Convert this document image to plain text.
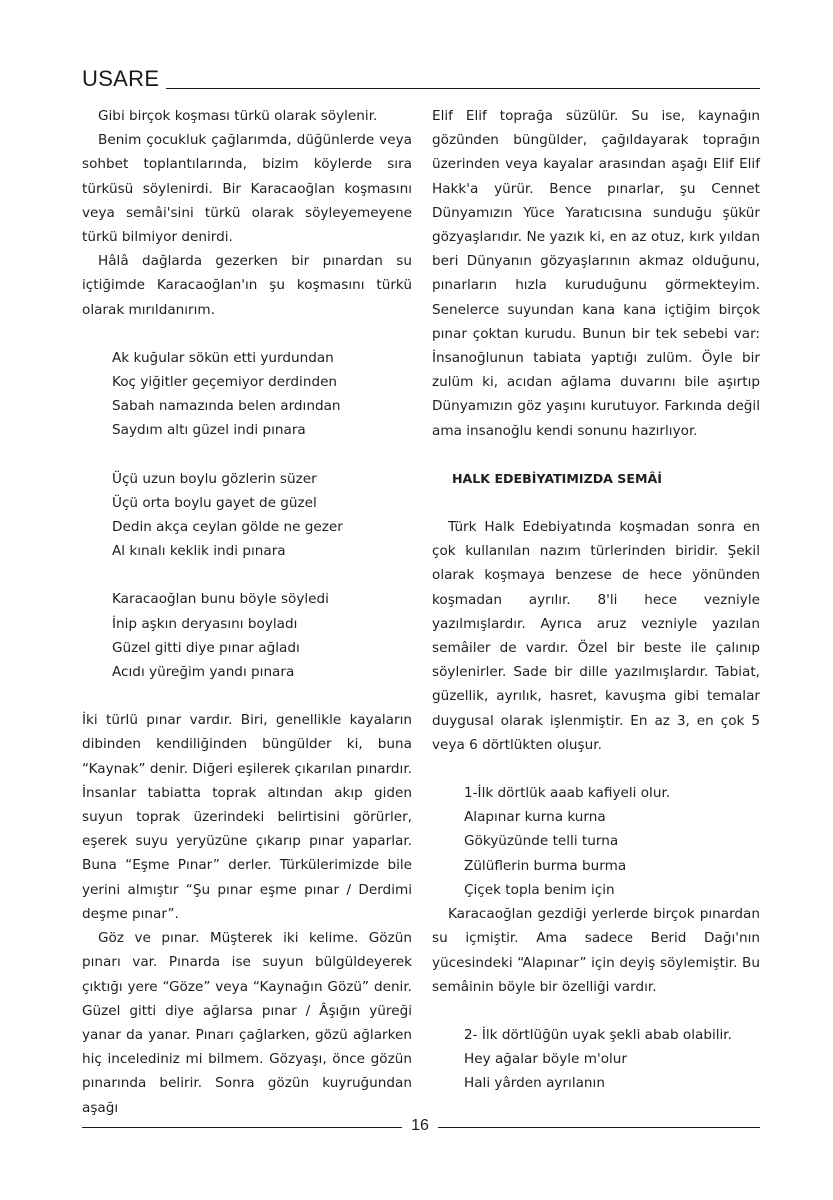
USARE

Gibi birçok koşması türkü olarak söylenir.

Benim çocukluk çağlarımda, düğünlerde veya sohbet toplantılarında, bizim köylerde sıra türküsü söylenirdi. Bir Karacaoğlan koşmasını veya semâi'sini türkü olarak söyleyemeyene türkü bilmiyor denirdi.

Hâlâ dağlarda gezerken bir pınardan su içtiğimde Karacaoğlan'ın şu koşmasını türkü olarak mırıldanırım.

Ak kuğular sökün etti yurdundan
Koç yiğitler geçemiyor derdinden
Sabah namazında belen ardından
Saydım altı güzel indi pınara
Üçü uzun boylu gözlerin süzer
Üçü orta boylu gayet de güzel
Dedin akça ceylan gölde ne gezer
Al kınalı keklik indi pınara
Karacaoğlan bunu böyle söyledi
İnip aşkın deryasını boyladı
Güzel gitti diye pınar ağladı
Acıdı yüreğim yandı pınara

İki türlü pınar vardır. Biri, genellikle kayaların dibinden kendiliğinden büngülder ki, buna “Kaynak” denir. Diğeri eşilerek çıkarılan pınardır. İnsanlar tabiatta toprak altından akıp giden suyun toprak üzerindeki belirtisini görürler, eşerek suyu yeryüzüne çıkarıp pınar yaparlar. Buna “Eşme Pınar” derler. Türkülerimizde bile yerini almıştır “Şu pınar eşme pınar / Derdimi deşme pınar”.

Göz ve pınar. Müşterek iki kelime. Gözün pınarı var. Pınarda ise suyun bülgüldeyerek çıktığı yere “Göze” veya “Kaynağın Gözü” denir. Güzel gitti diye ağlarsa pınar / Âşığın yüreği yanar da yanar. Pınarı çağlarken, gözü ağlarken hiç incelediniz mi bilmem. Gözyaşı, önce gözün pınarında belirir. Sonra gözün kuyruğundan aşağı

Elif Elif toprağa süzülür. Su ise, kaynağın gözünden büngülder, çağıldayarak toprağın üzerinden veya kayalar arasından aşağı Elif Elif Hakk'a yürür. Bence pınarlar, şu Cennet Dünyamızın Yüce Yaratıcısına sunduğu şükür gözyaşlarıdır. Ne yazık ki, en az otuz, kırk yıldan beri Dünyanın gözyaşlarının akmaz olduğunu, pınarların hızla kuruduğunu görmekteyim. Senelerce suyundan kana kana içtiğim birçok pınar çoktan kurudu. Bunun bir tek sebebi var: İnsanoğlunun tabiata yaptığı zulüm. Öyle bir zulüm ki, acıdan ağlama duvarını bile aşırtıp Dünyamızın göz yaşını kurutuyor. Farkında değil ama insanoğlu kendi sonunu hazırlıyor.

HALK EDEBİYATIMIZDA SEMÂİ

Türk Halk Edebiyatında koşmadan sonra en çok kullanılan nazım türlerinden biridir. Şekil olarak koşmaya benzese de hece yönünden koşmadan ayrılır. 8'li hece vezniyle yazılmışlardır. Ayrıca aruz vezniyle yazılan semâiler de vardır. Özel bir beste ile çalınıp söylenirler. Sade bir dille yazılmışlardır. Tabiat, güzellik, ayrılık, hasret, kavuşma gibi temalar duygusal olarak işlenmiştir. En az 3, en çok 5 veya 6 dörtlükten oluşur.

1-İlk dörtlük aaab kafiyeli olur.
Alapınar kurna kurna
Gökyüzünde telli turna
Zülüflerin burma burma
Çiçek topla benim için

Karacaoğlan gezdiği yerlerde birçok pınardan su içmiştir. Ama sadece Berid Dağı'nın yücesindeki “Alapınar” için deyiş söylemiştir. Bu semâinin böyle bir özelliği vardır.

2- İlk dörtlüğün uyak şekli abab olabilir.
Hey ağalar böyle m'olur
Hali yârden ayrılanın
16
